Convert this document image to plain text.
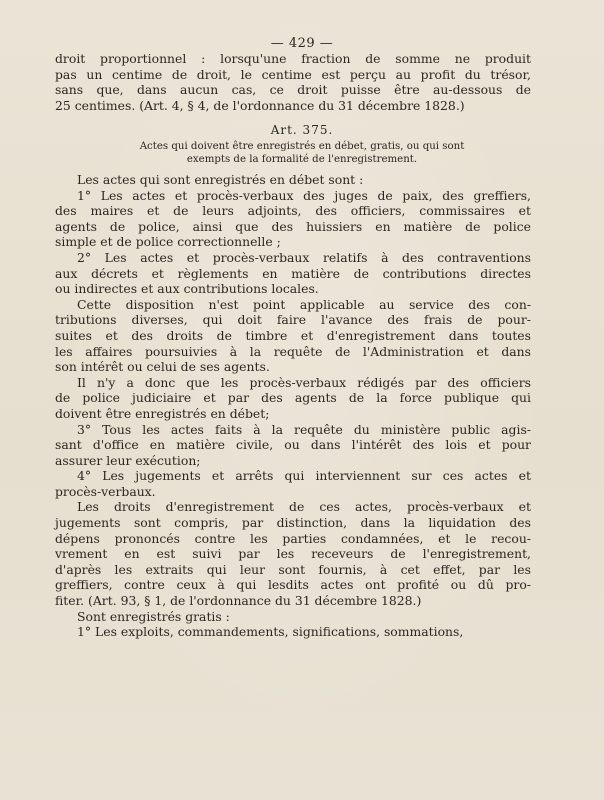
— 429 —
droit proportionnel : lorsqu'une fraction de somme ne produit
pas un centime de droit, le centime est perçu au profit du trésor,
sans que, dans aucun cas, ce droit puisse être au-dessous de
25 centimes. (Art. 4, § 4, de l'ordonnance du 31 décembre 1828.)
Art. 375.
Actes qui doivent être enregistrés en débet, gratis, ou qui sont
exempts de la formalité de l'enregistrement.
Les actes qui sont enregistrés en débet sont :
1° Les actes et procès-verbaux des juges de paix, des greffiers,
des maires et de leurs adjoints, des officiers, commissaires et
agents de police, ainsi que des huissiers en matière de police
simple et de police correctionnelle ;
2° Les actes et procès-verbaux relatifs à des contraventions
aux décrets et règlements en matière de contributions directes
ou indirectes et aux contributions locales.
Cette disposition n'est point applicable au service des con-
tributions diverses, qui doit faire l'avance des frais de pour-
suites et des droits de timbre et d'enregistrement dans toutes
les affaires poursuivies à la requête de l'Administration et dans
son intérêt ou celui de ses agents.
Il n'y a donc que les procès-verbaux rédigés par des officiers
de police judiciaire et par des agents de la force publique qui
doivent être enregistrés en débet;
3° Tous les actes faits à la requête du ministère public agis-
sant d'office en matière civile, ou dans l'intérêt des lois et pour
assurer leur exécution;
4° Les jugements et arrêts qui interviennent sur ces actes et
procès-verbaux.
Les droits d'enregistrement de ces actes, procès-verbaux et
jugements sont compris, par distinction, dans la liquidation des
dépens prononcés contre les parties condamnées, et le recou-
vrement en est suivi par les receveurs de l'enregistrement,
d'après les extraits qui leur sont fournis, à cet effet, par les
greffiers, contre ceux à qui lesdits actes ont profité ou dû pro-
fiter. (Art. 93, § 1, de l'ordonnance du 31 décembre 1828.)
Sont enregistrés gratis :
1° Les exploits, commandements, significations, sommations,
